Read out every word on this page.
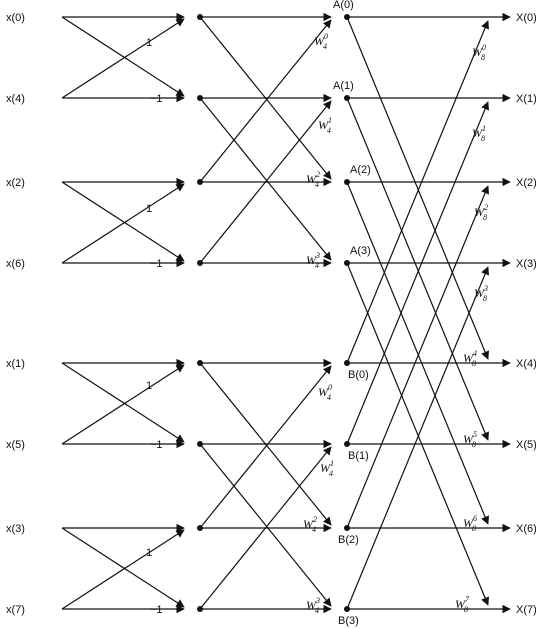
x(0)
x(4)
x(2)
x(6)
x(1)
x(5)
x(3)
x(7)
X(0)
X(1)
X(2)
X(3)
X(4)
X(5)
X(6)
X(7)
A(0)
A(1)
A(2)
A(3)
B(0)
B(1)
B(2)
B(3)
1
−1
1
−1
1
−1
1
−1
$W^0$ 4
$W^1$ 4
$W^2$ 4
$W^3$ 4
$W^0$ 4
$W^1$ 4
$W^2$ 4
$W^3$ 4
$W^0$ 8
$W^1$ 8
$W^2$ 8
$W^3$ 8
$W^4$ 8
$W^5$ 8
$W^6$ 8
$W^7$ 8
